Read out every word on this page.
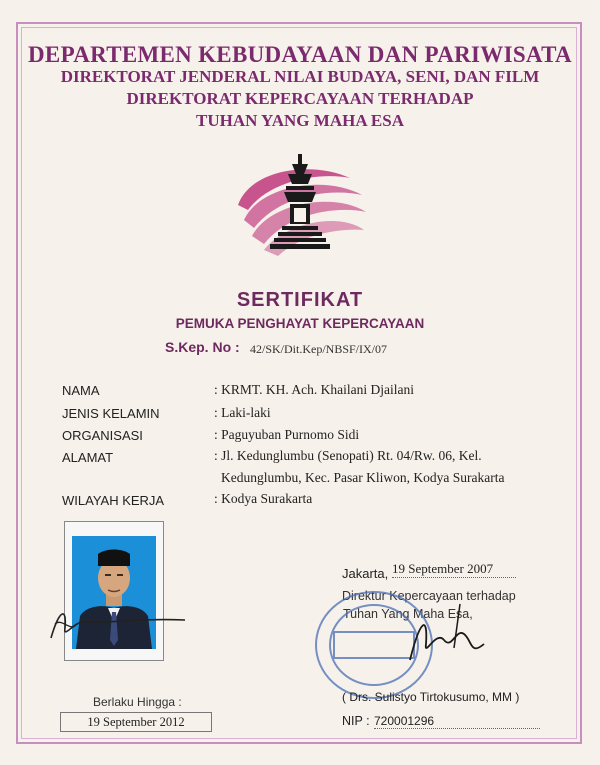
DEPARTEMEN KEBUDAYAAN DAN PARIWISATA
DIREKTORAT JENDERAL NILAI BUDAYA, SENI, DAN FILM
DIREKTORAT KEPERCAYAAN TERHADAP
TUHAN YANG MAHA ESA
SERTIFIKAT
PEMUKA PENGHAYAT KEPERCAYAAN
S.Kep. No : 42/SK/Dit.Kep/NBSF/IX/07
NAMA	: KRMT. KH. Ach. Khailani Djailani
JENIS KELAMIN	: Laki-laki
ORGANISASI	: Paguyuban Purnomo Sidi
ALAMAT	: Jl. Kedunglumbu (Senopati) Rt. 04/Rw. 06, Kel.
Kedunglumbu, Kec. Pasar Kliwon, Kodya Surakarta
WILAYAH KERJA	: Kodya Surakarta
Berlaku Hingga :
19 September 2012
Jakarta, 19 September 2007
Direktur Kepercayaan terhadap
Tuhan Yang Maha Esa,
( Drs. Sulistyo Tirtokusumo, MM )
NIP : 720001296
